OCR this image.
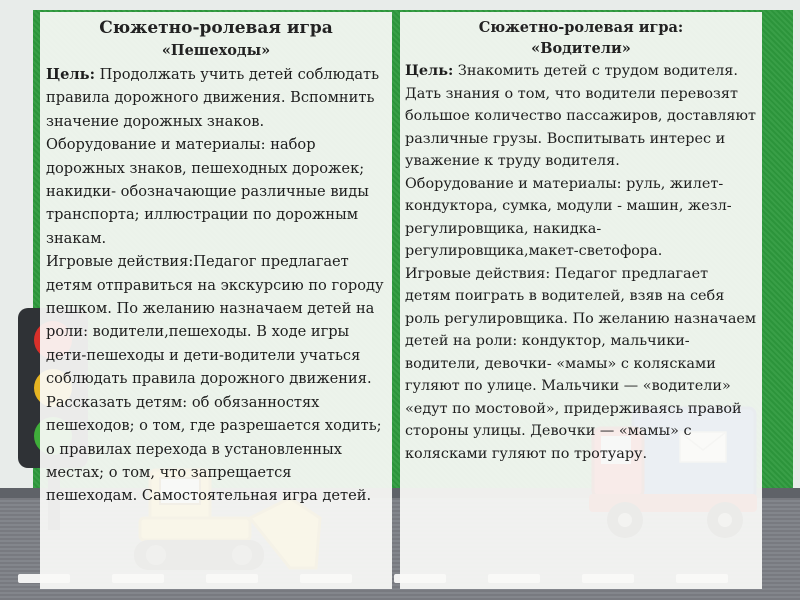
Сюжетно-ролевая игра
«Пешеходы»

Цель: Продолжать учить детей соблюдать правила дорожного движения. Вспомнить значение дорожных знаков.

Оборудование и материалы: набор дорожных знаков, пешеходных дорожек; накидки- обозначающие различные виды транспорта; иллюстрации по дорожным знакам.

Игровые действия:Педагог предлагает детям отправиться на экскурсию по городу пешком. По желанию назначаем детей на роли: водители,пешеходы. В ходе игры дети-пешеходы и дети-водители учаться соблюдать правила дорожного движения. Рассказать детям: об обязанностях пешеходов; о том, где разрешается ходить; о правилах перехода в установленных местах; о том, что запрещается пешеходам. Самостоятельная игра детей.

Сюжетно-ролевая игра:
«Водители»

Цель: Знакомить детей с трудом водителя. Дать знания о том, что водители перевозят большое количество пассажиров, доставляют различные грузы. Воспитывать интерес и уважение к труду водителя.

Оборудование и материалы: руль, жилет- кондуктора, сумка, модули - машин, жезл-регулировщика, накидка-регулировщика,макет-светофора.

Игровые действия: Педагог предлагает детям поиграть в водителей, взяв на себя роль регулировщика. По желанию назначаем детей на роли: кондуктор, мальчики-водители, девочки- «мамы» с колясками гуляют по улице. Мальчики — «водители» «едут по мостовой», придерживаясь правой стороны улицы. Девочки — «мамы» с колясками гуляют по тротуару.
